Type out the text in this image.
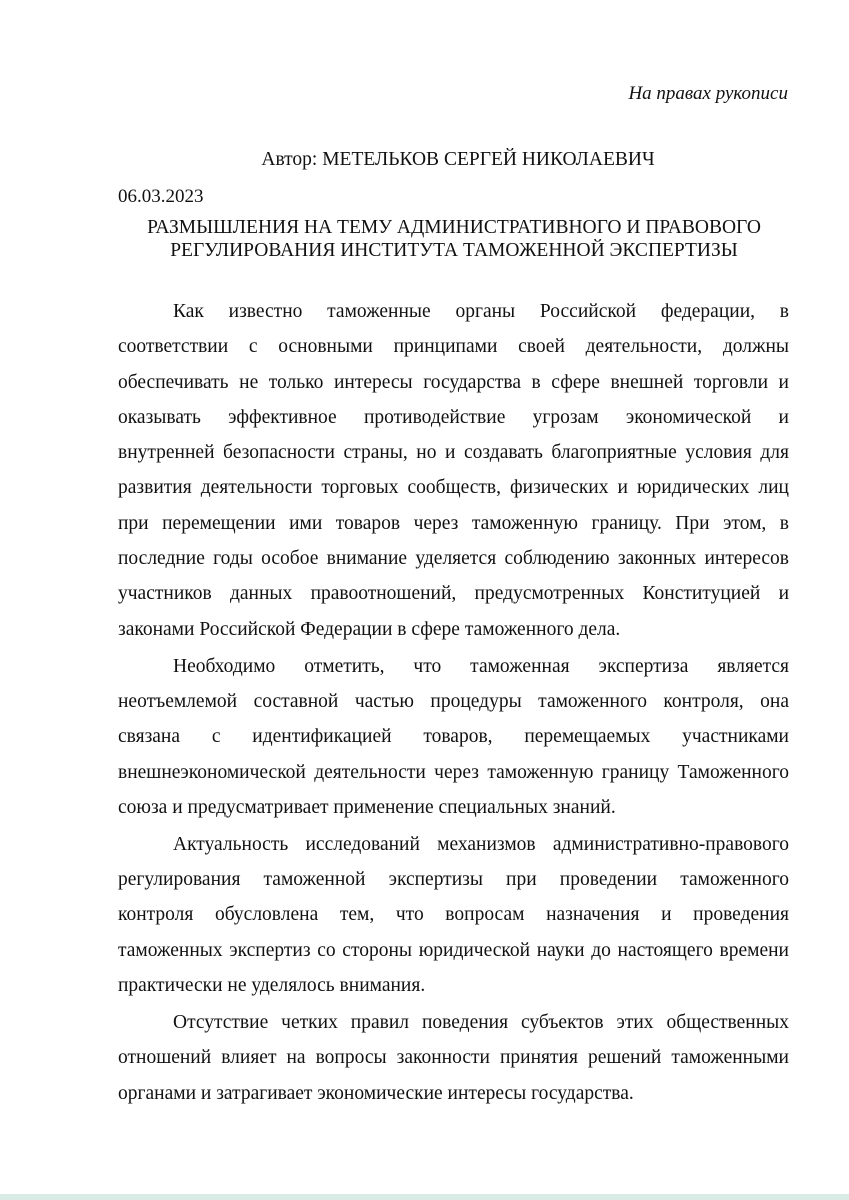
На правах рукописи
Автор: МЕТЕЛЬКОВ СЕРГЕЙ НИКОЛАЕВИЧ
06.03.2023
РАЗМЫШЛЕНИЯ НА ТЕМУ АДМИНИСТРАТИВНОГО И ПРАВОВОГО
РЕГУЛИРОВАНИЯ ИНСТИТУТА ТАМОЖЕННОЙ ЭКСПЕРТИЗЫ

Как известно таможенные органы Российской федерации, в
соответствии с основными принципами своей деятельности, должны
обеспечивать не только интересы государства в сфере внешней торговли и
оказывать эффективное противодействие угрозам экономической и
внутренней безопасности страны, но и создавать благоприятные условия для
развития деятельности торговых сообществ, физических и юридических лиц
при перемещении ими товаров через таможенную границу. При этом, в
последние годы особое внимание уделяется соблюдению законных интересов
участников данных правоотношений, предусмотренных Конституцией и
законами Российской Федерации в сфере таможенного дела.

Необходимо отметить, что таможенная экспертиза является
неотъемлемой составной частью процедуры таможенного контроля, она
связана с идентификацией товаров, перемещаемых участниками
внешнеэкономической деятельности через таможенную границу Таможенного
союза и предусматривает применение специальных знаний.

Актуальность исследований механизмов административно-правового
регулирования таможенной экспертизы при проведении таможенного
контроля обусловлена тем, что вопросам назначения и проведения
таможенных экспертиз со стороны юридической науки до настоящего времени
практически не уделялось внимания.

Отсутствие четких правил поведения субъектов этих общественных
отношений влияет на вопросы законности принятия решений таможенными
органами и затрагивает экономические интересы государства.
